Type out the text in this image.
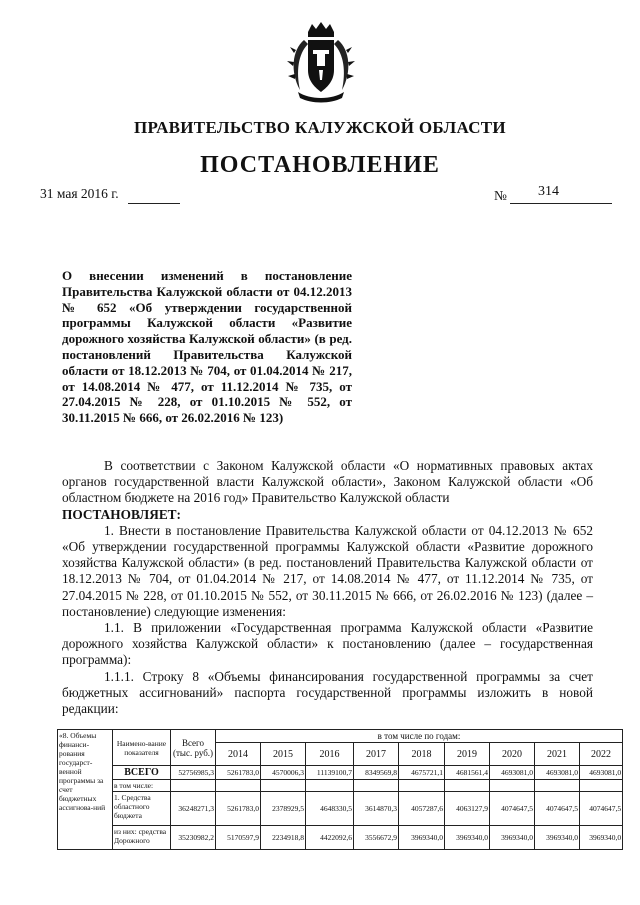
ПРАВИТЕЛЬСТВО КАЛУЖСКОЙ ОБЛАСТИ
ПОСТАНОВЛЕНИЕ
31 мая 2016 г.	№ 314

О внесении изменений в постановление Правительства Калужской области от 04.12.2013 № 652 «Об утверждении государственной программы Калужской области «Развитие дорожного хозяйства Калужской области» (в ред. постановлений Правительства Калужской области от 18.12.2013 № 704, от 01.04.2014 № 217, от 14.08.2014 № 477, от 11.12.2014 № 735, от 27.04.2015 № 228, от 01.10.2015 № 552, от 30.11.2015 № 666, от 26.02.2016 № 123)

В соответствии с Законом Калужской области «О нормативных правовых актах органов государственной власти Калужской области», Законом Калужской области «Об областном бюджете на 2016 год» Правительство Калужской области

ПОСТАНОВЛЯЕТ:

1. Внести в постановление Правительства Калужской области от 04.12.2013 № 652 «Об утверждении государственной программы Калужской области «Развитие дорожного хозяйства Калужской области» (в ред. постановлений Правительства Калужской области от 18.12.2013 № 704, от 01.04.2014 № 217, от 14.08.2014 № 477, от 11.12.2014 № 735, от 27.04.2015 № 228, от 01.10.2015 № 552, от 30.11.2015 № 666, от 26.02.2016 № 123) (далее – постановление) следующие изменения:

1.1. В приложении «Государственная программа Калужской области «Развитие дорожного хозяйства Калужской области» к постановлению (далее – государственная программа):

1.1.1. Строку 8 «Объемы финансирования государственной программы за счет бюджетных ассигнований» паспорта государственной программы изложить в новой редакции:

«8. Объемы финанси-рования государст-венной программы за счет бюджетных ассигнова-ний	Наимено-вание показателя	Всего (тыс. руб.)	в том числе по годам:								
			2014	2015	2016	2017	2018	2019	2020	2021	2022
	ВСЕГО	52756985,3	5261783,0	4570006,3	11139100,7	8349569,8	4675721,1	4681561,4	4693081,0	4693081,0	4693081,0
	в том числе:										
	1. Средства областного бюджета	36248271,3	5261783,0	2378929,5	4648330,5	3614870,3	4057287,6	4063127,9	4074647,5	4074647,5	4074647,5
	из них: средства Дорожного	35230982,2	5170597,9	2234918,8	4422092,6	3556672,9	3969340,0	3969340,0	3969340,0	3969340,0	3969340,0
